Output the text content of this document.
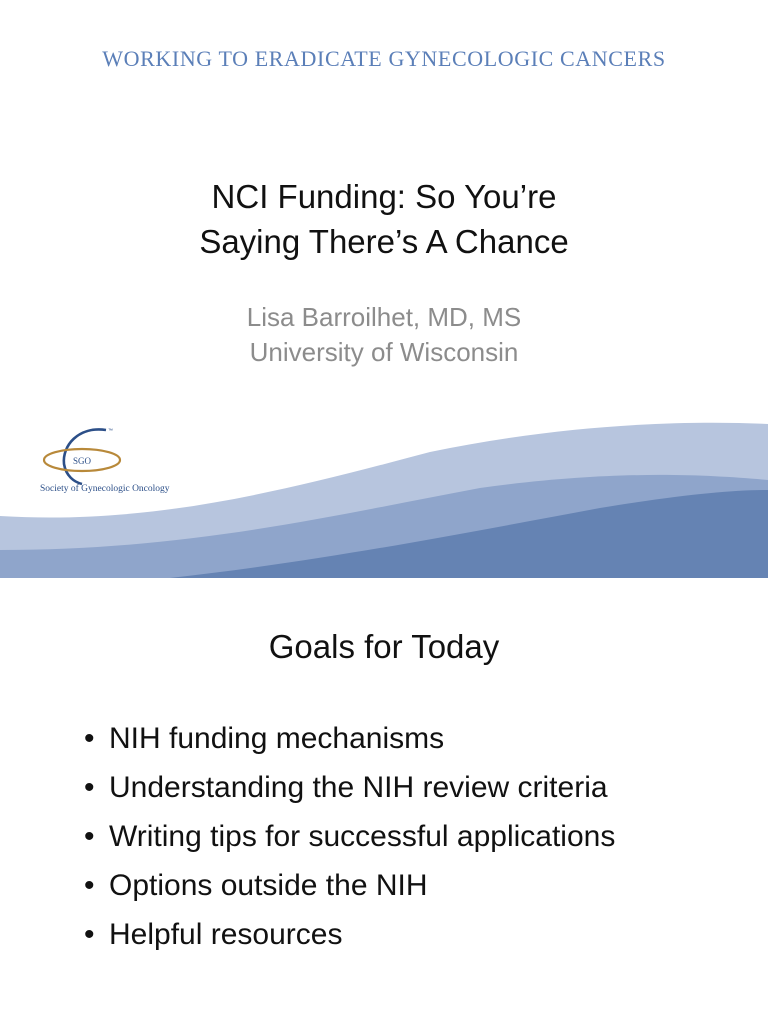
WORKING TO ERADICATE GYNECOLOGIC CANCERS
NCI Funding: So You’re
Saying There’s A Chance
Lisa Barroilhet, MD, MS
University of Wisconsin
SGO
™
Society of Gynecologic Oncology
Goals for Today
• NIH funding mechanisms
• Understanding the NIH review criteria
• Writing tips for successful applications
• Options outside the NIH
• Helpful resources
